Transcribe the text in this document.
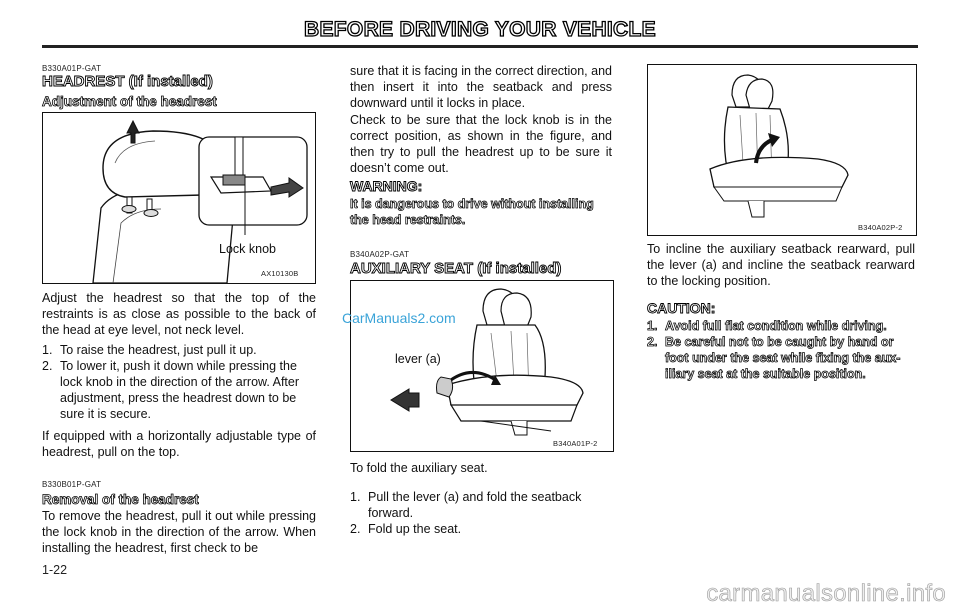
BEFORE DRIVING YOUR VEHICLE
B330A01P-GAT
HEADREST (If installed)
Adjustment of the headrest
Lock knob
AX10130B
Adjust the headrest so that the top of the restraints is as close as possible to the back of the head at eye level, not neck level.
1. To raise the headrest, just pull it up.
2. To lower it, push it down while pressing the lock knob in the direction of the arrow. After adjustment, press the headrest down to be sure it is secure.
If equipped with a horizontally adjustable type of headrest, pull on the top.
B330B01P-GAT
Removal of the headrest
To remove the headrest, pull it out while pressing the lock knob in the direction of the arrow. When installing the headrest, first check to be
1-22
sure that it is facing in the correct direction, and then insert it into the seatback and press downward until it locks in place.
Check to be sure that the lock knob is in the correct position, as shown in the figure, and then try to pull the headrest up to be sure it doesn’t come out.
WARNING:
It is dangerous to drive without installing the head restraints.
B340A02P-GAT
AUXILIARY SEAT (If installed)
lever (a)
B340A01P-2
CarManuals2.com
To fold the auxiliary seat.
1. Pull the lever (a) and fold the seatback forward.
2. Fold up the seat.
B340A02P-2
To incline the auxiliary seatback rearward, pull the lever (a) and incline the seatback rearward to the locking position.
CAUTION:
1. Avoid full flat condition while driving.
2. Be careful not to be caught by hand or foot under the seat while fixing the aux-iliary seat at the suitable position.
carmanualsonline.info
